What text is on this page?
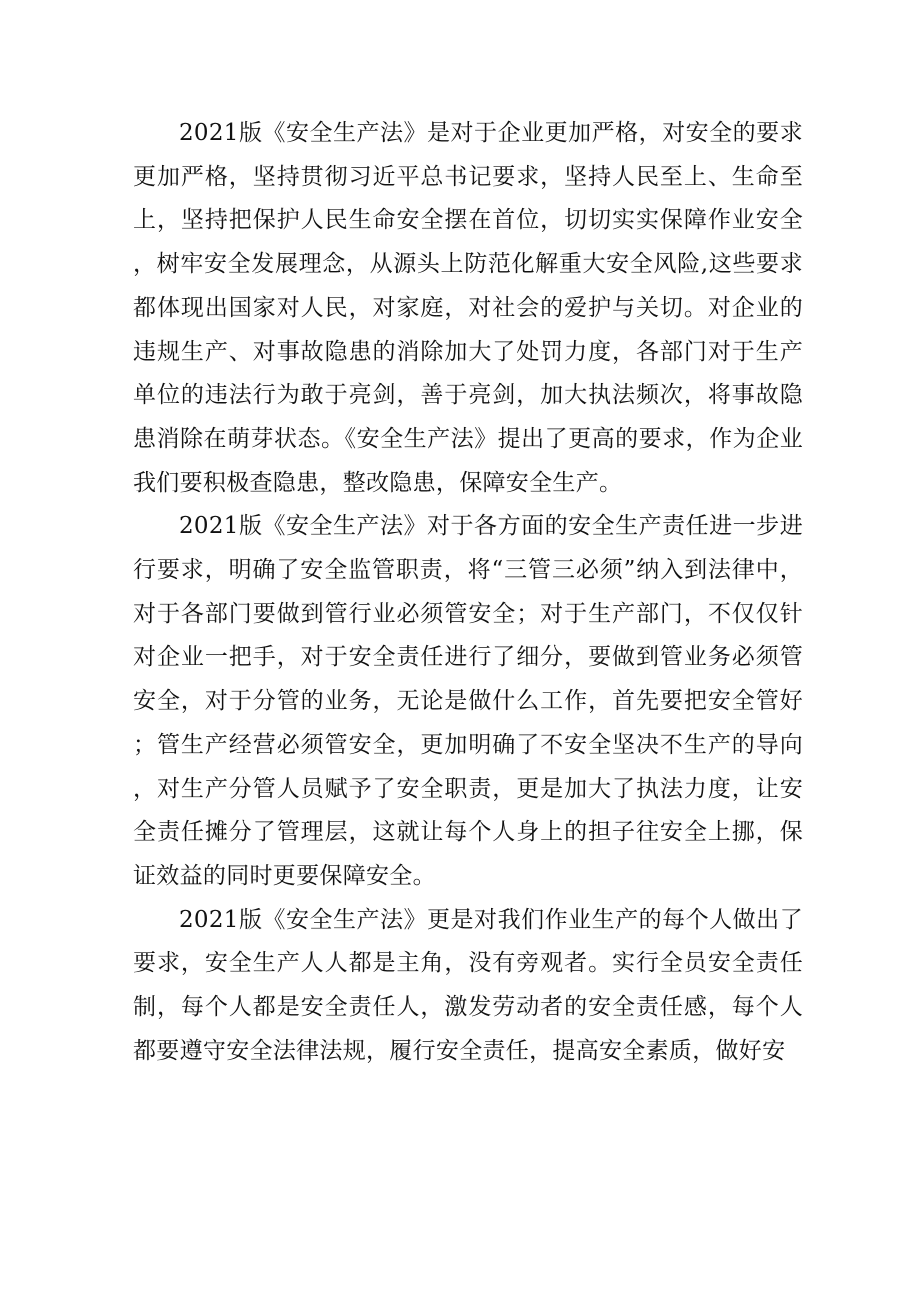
2021版《安全生产法》是对于企业更加严格，对安全的要求更加严格，坚持贯彻习近平总书记要求，坚持人民至上、生命至上，坚持把保护人民生命安全摆在首位，切切实实保障作业安全，树牢安全发展理念，从源头上防范化解重大安全风险,这些要求都体现出国家对人民，对家庭，对社会的爱护与关切。对企业的违规生产、对事故隐患的消除加大了处罚力度，各部门对于生产单位的违法行为敢于亮剑，善于亮剑，加大执法频次，将事故隐患消除在萌芽状态。《安全生产法》提出了更高的要求，作为企业我们要积极查隐患，整改隐患，保障安全生产。

2021版《安全生产法》对于各方面的安全生产责任进一步进行要求，明确了安全监管职责，将“三管三必须”纳入到法律中，对于各部门要做到管行业必须管安全；对于生产部门，不仅仅针对企业一把手，对于安全责任进行了细分，要做到管业务必须管安全，对于分管的业务，无论是做什么工作，首先要把安全管好；管生产经营必须管安全，更加明确了不安全坚决不生产的导向，对生产分管人员赋予了安全职责，更是加大了执法力度，让安全责任摊分了管理层，这就让每个人身上的担子往安全上挪，保证效益的同时更要保障安全。

2021版《安全生产法》更是对我们作业生产的每个人做出了要求，安全生产人人都是主角，没有旁观者。实行全员安全责任制，每个人都是安全责任人，激发劳动者的安全责任感，每个人都要遵守安全法律法规，履行安全责任，提高安全素质，做好安
